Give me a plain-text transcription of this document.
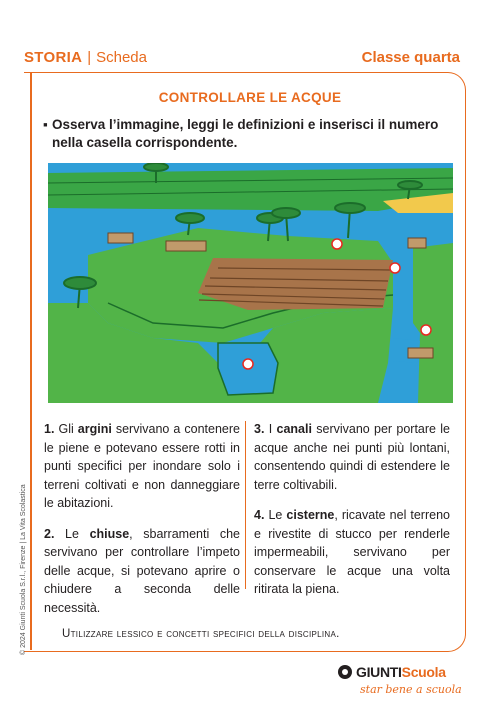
STORIA | Scheda	Classe quarta
CONTROLLARE LE ACQUE
▪ Osserva l’immagine, leggi le definizioni e inserisci il numero nella casella corrispondente.

1. Gli argini servivano a contenere le piene e potevano essere rotti in punti specifici per inondare solo i terreni coltivati e non danneggiare le abitazioni.

2. Le chiuse, sbarramenti che servivano per controllare l’impeto delle acque, si potevano aprire o chiudere a seconda delle necessità.

3. I canali servivano per portare le acque anche nei punti più lontani, consentendo quindi di estendere le terre coltivabili.

4. Le cisterne, ricavate nel terreno e rivestite di stucco per renderle impermeabili, servivano per conservare le acque una volta ritirata la piena.

Utilizzare lessico e concetti specifici della disciplina.
© 2024 Giunti Scuola S.r.l., Firenze | La Vita Scolastica
GIUNTIScuola
star bene a scuola
